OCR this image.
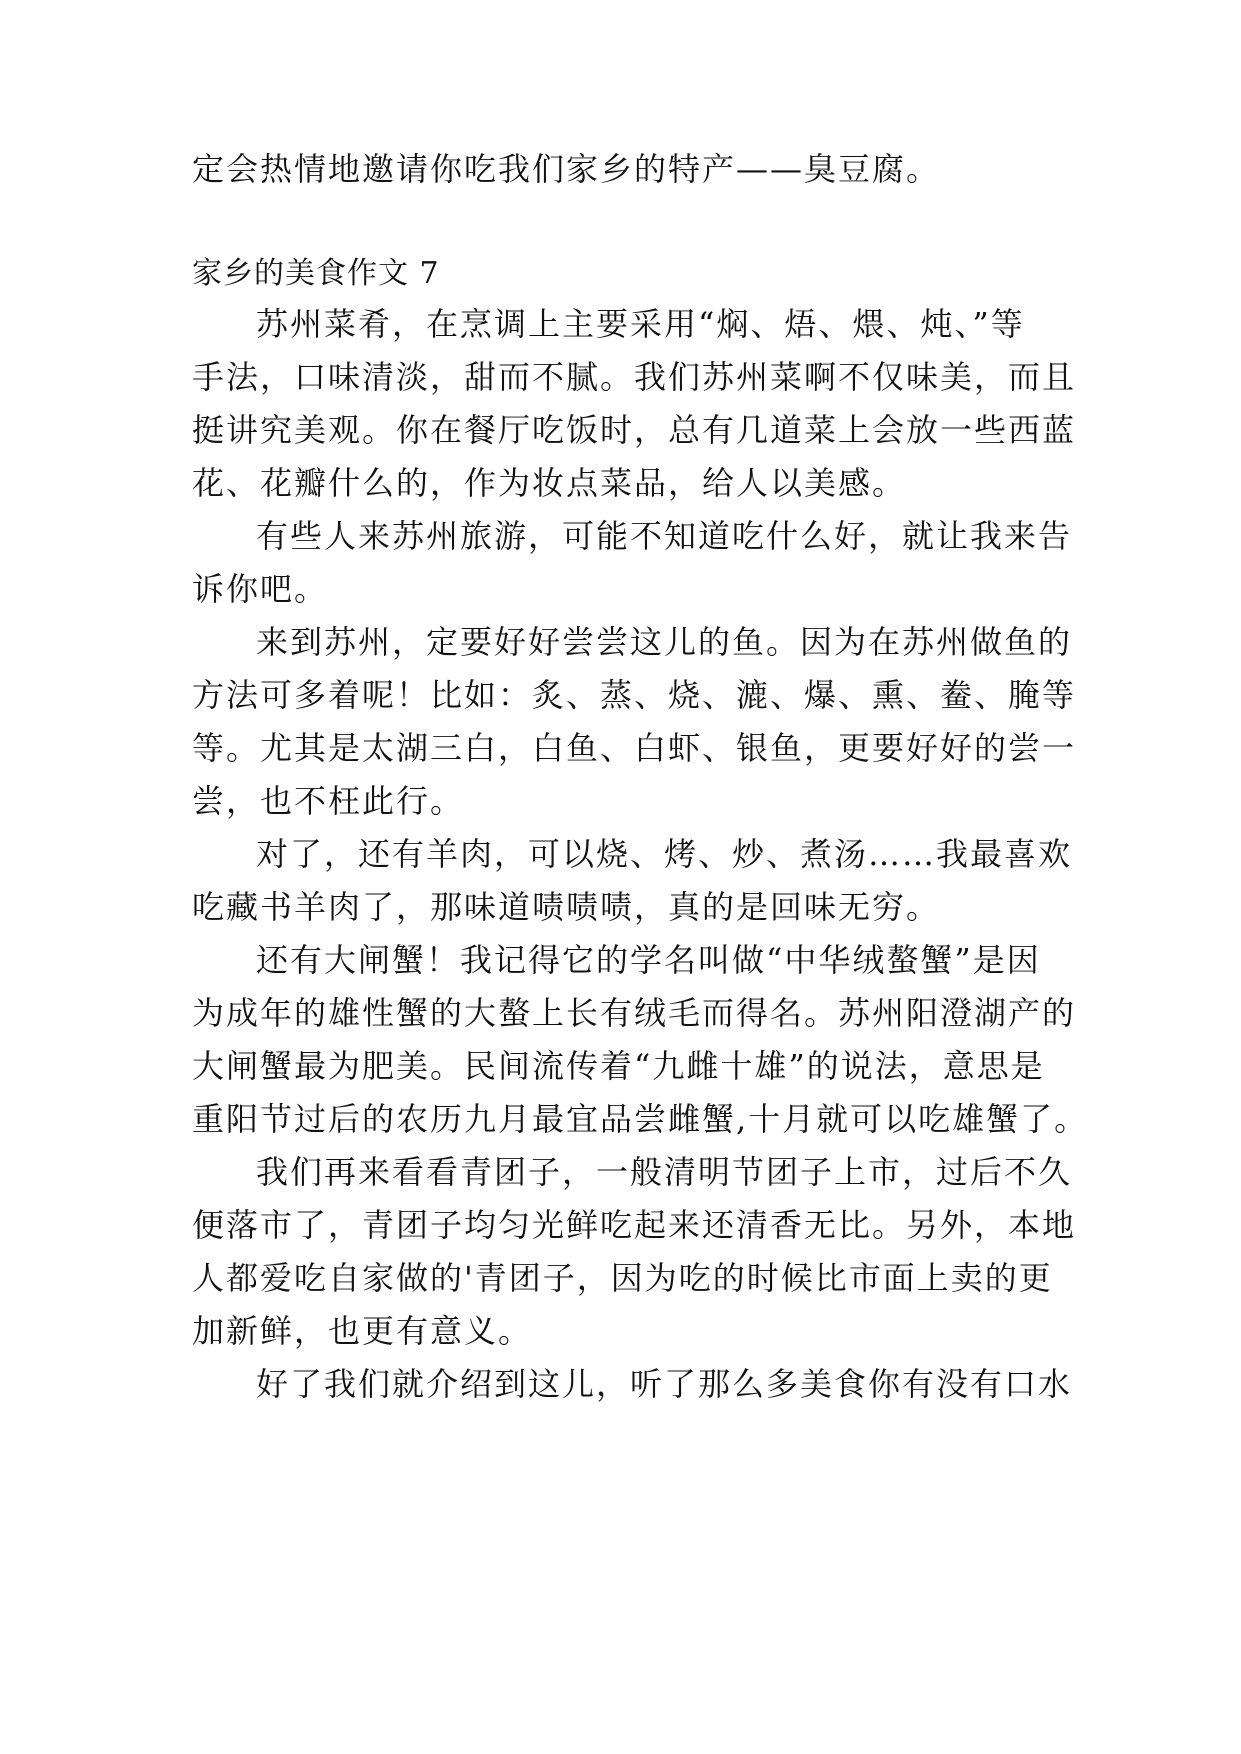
定会热情地邀请你吃我们家乡的特产——臭豆腐。

家乡的美食作文 7

苏州菜肴，在烹调上主要采用“焖、焐、煨、炖、”等

手法，口味清淡，甜而不腻。我们苏州菜啊不仅味美，而且

挺讲究美观。你在餐厅吃饭时，总有几道菜上会放一些西蓝

花、花瓣什么的，作为妆点菜品，给人以美感。

有些人来苏州旅游，可能不知道吃什么好，就让我来告

诉你吧。

来到苏州，定要好好尝尝这儿的鱼。因为在苏州做鱼的

方法可多着呢！比如：炙、蒸、烧、漉、爆、熏、鲞、腌等

等。尤其是太湖三白，白鱼、白虾、银鱼，更要好好的尝一

尝，也不枉此行。

对了，还有羊肉，可以烧、烤、炒、煮汤……我最喜欢

吃藏书羊肉了，那味道啧啧啧，真的是回味无穷。

还有大闸蟹！我记得它的学名叫做“中华绒螯蟹”是因

为成年的雄性蟹的大螯上长有绒毛而得名。苏州阳澄湖产的

大闸蟹最为肥美。民间流传着“九雌十雄”的说法，意思是

重阳节过后的农历九月最宜品尝雌蟹,十月就可以吃雄蟹了。

我们再来看看青团子，一般清明节团子上市，过后不久

便落市了，青团子均匀光鲜吃起来还清香无比。另外，本地

人都爱吃自家做的'青团子，因为吃的时候比市面上卖的更

加新鲜，也更有意义。

好了我们就介绍到这儿，听了那么多美食你有没有口水
